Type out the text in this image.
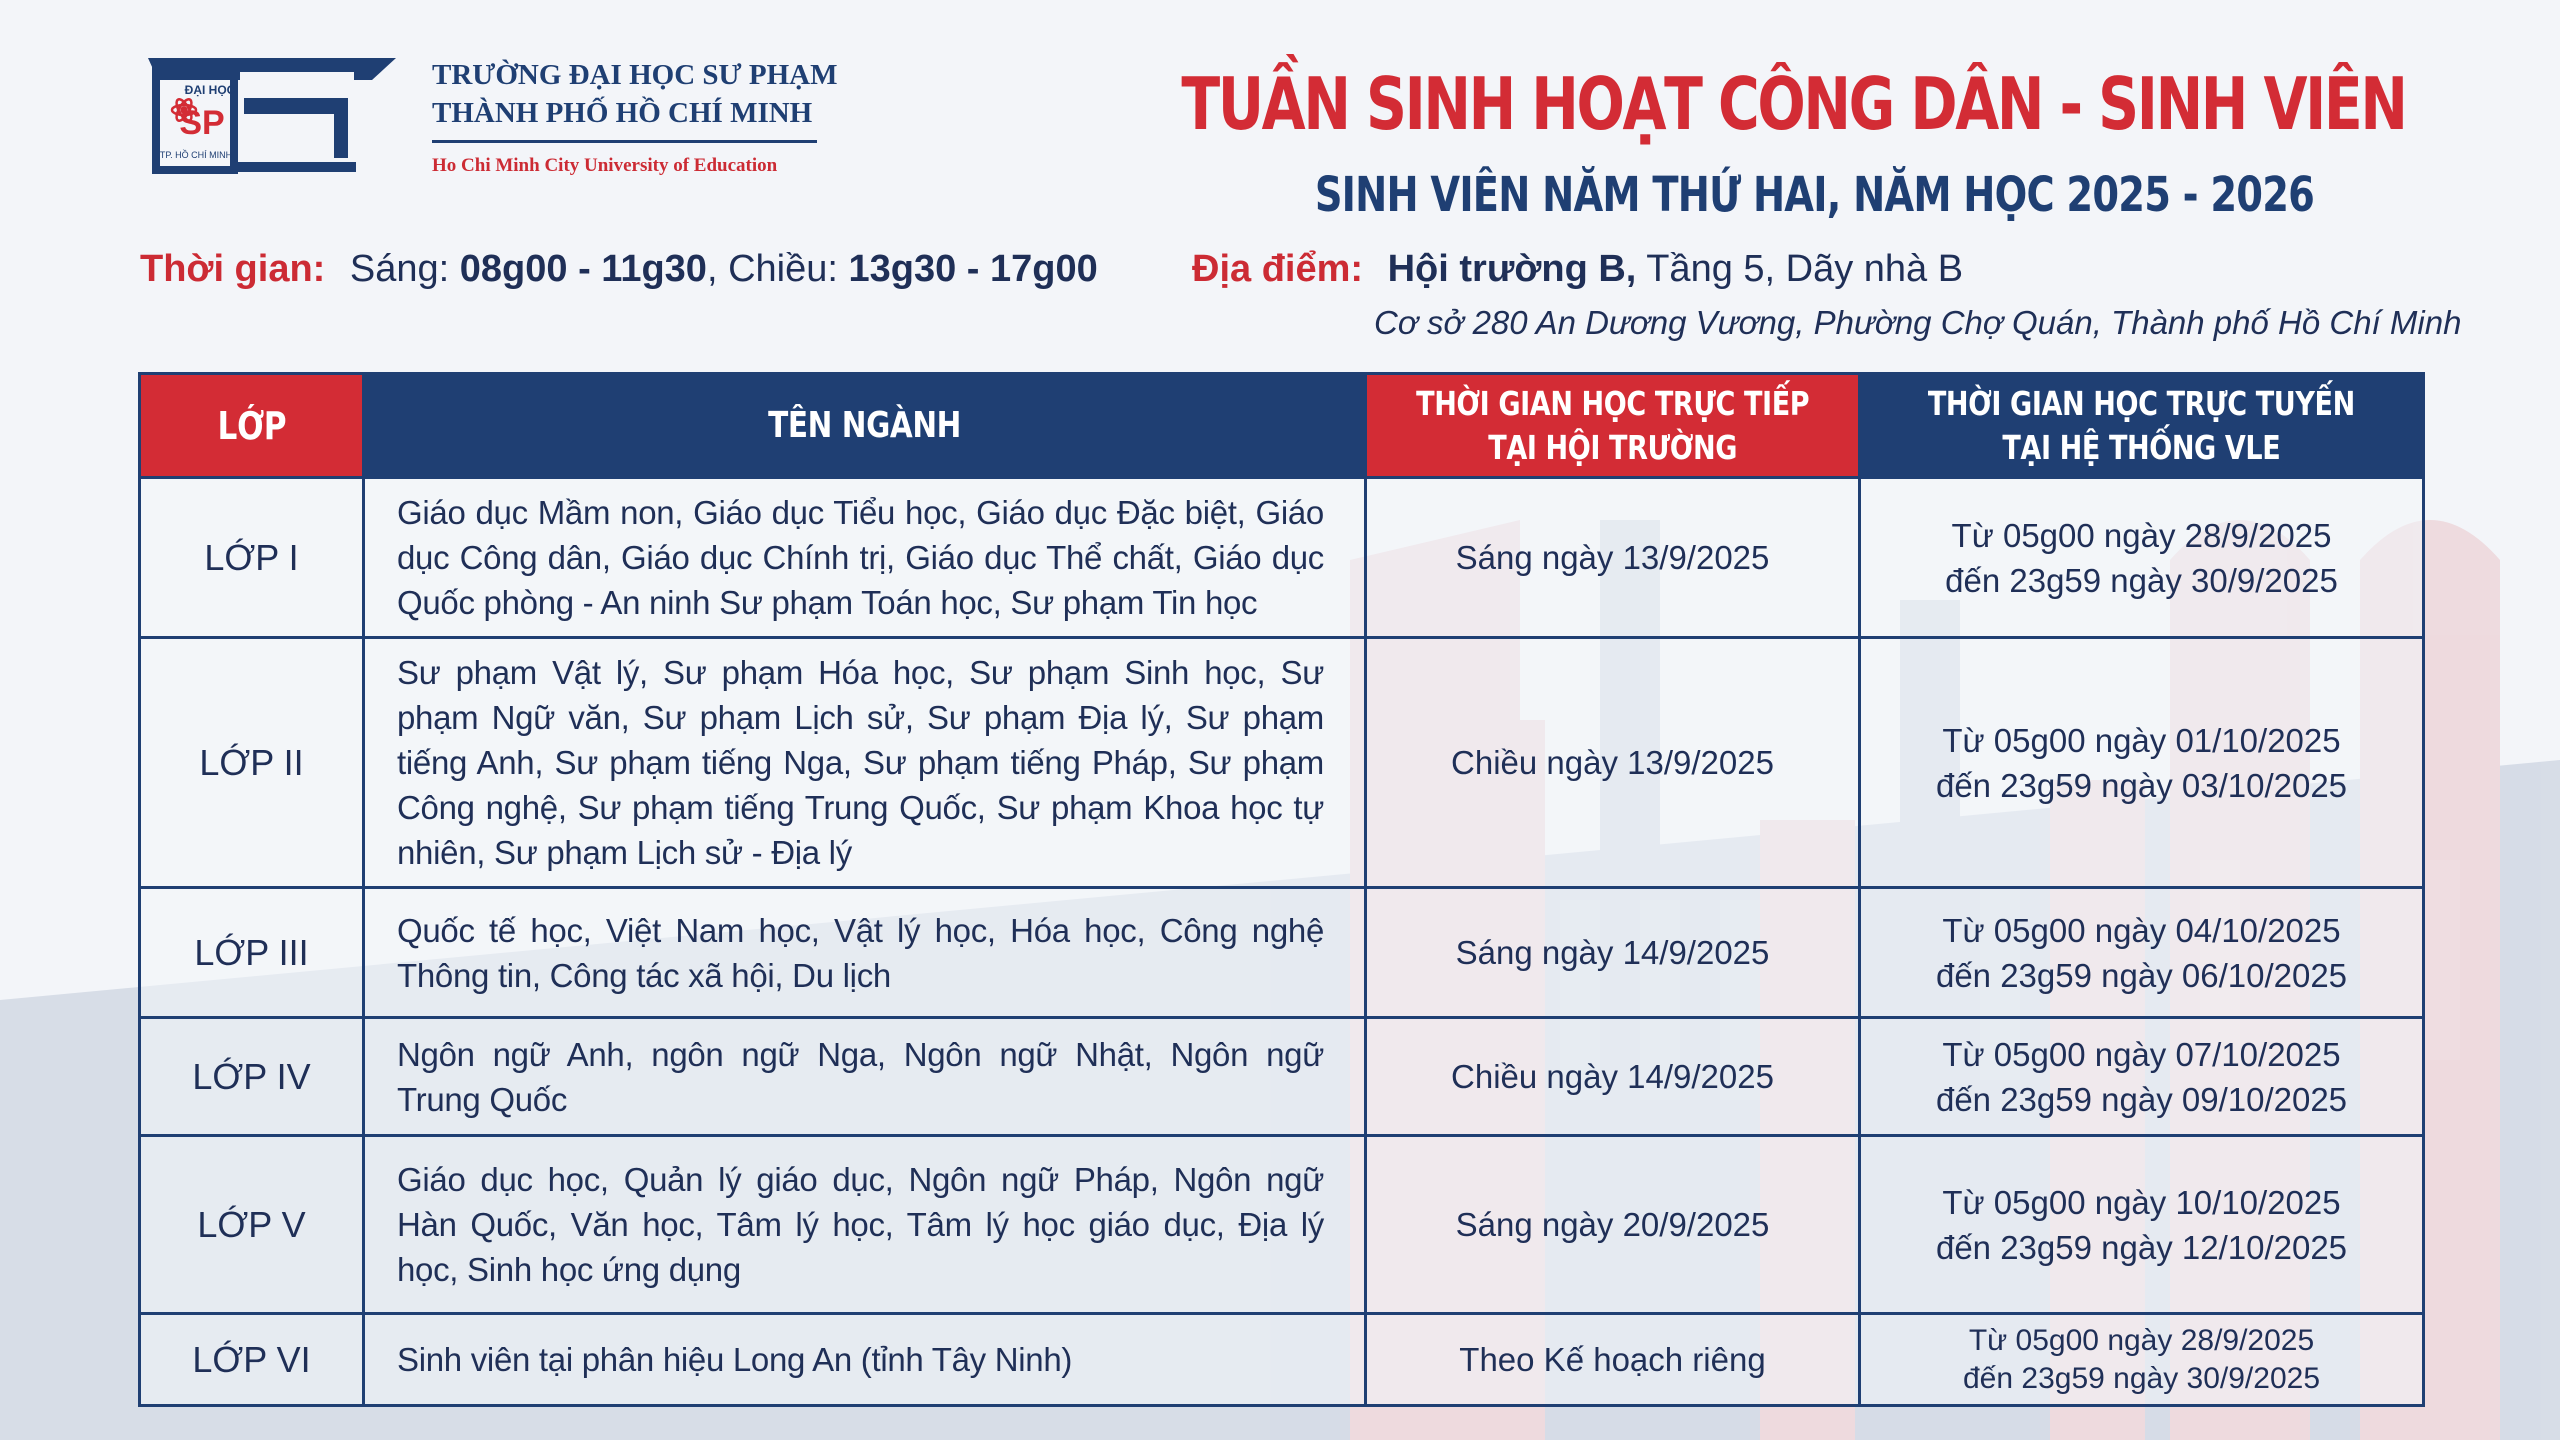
ĐẠI HỌC
SP
TP. HỒ CHÍ MINH
TRƯỜNG ĐẠI HỌC SƯ PHẠM
THÀNH PHỐ HỒ CHÍ MINH
Ho Chi Minh City University of Education
TUẦN SINH HOẠT CÔNG DÂN - SINH VIÊN
SINH VIÊN NĂM THỨ HAI, NĂM HỌC 2025 - 2026
Thời gian: Sáng: 08g00 - 11g30, Chiều: 13g30 - 17g00 Địa điểm: Hội trường B, Tầng 5, Dãy nhà B
Cơ sở 280 An Dương Vương, Phường Chợ Quán, Thành phố Hồ Chí Minh
LỚP	TÊN NGÀNH	THỜI GIAN HỌC TRỰC TIẾP
TẠI HỘI TRƯỜNG	THỜI GIAN HỌC TRỰC TUYẾN
TẠI HỆ THỐNG VLE

LỚP I	Giáo dục Mầm non, Giáo dục Tiểu học, Giáo dục Đặc biệt, Giáo dục Công dân, Giáo dục Chính trị, Giáo dục Thể chất, Giáo dục Quốc phòng - An ninh Sư phạm Toán học, Sư phạm Tin học	Sáng ngày 13/9/2025	Từ 05g00 ngày 28/9/2025
đến 23g59 ngày 30/9/2025

LỚP II	Sư phạm Vật lý, Sư phạm Hóa học, Sư phạm Sinh học, Sư phạm Ngữ văn, Sư phạm Lịch sử, Sư phạm Địa lý, Sư phạm tiếng Anh, Sư phạm tiếng Nga, Sư phạm tiếng Pháp, Sư phạm Công nghệ, Sư phạm tiếng Trung Quốc, Sư phạm Khoa học tự nhiên, Sư phạm Lịch sử - Địa lý	Chiều ngày 13/9/2025	Từ 05g00 ngày 01/10/2025
đến 23g59 ngày 03/10/2025

LỚP III	Quốc tế học, Việt Nam học, Vật lý học, Hóa học, Công nghệ Thông tin, Công tác xã hội, Du lịch	Sáng ngày 14/9/2025	Từ 05g00 ngày 04/10/2025
đến 23g59 ngày 06/10/2025

LỚP IV	Ngôn ngữ Anh, ngôn ngữ Nga, Ngôn ngữ Nhật, Ngôn ngữ Trung Quốc	Chiều ngày 14/9/2025	Từ 05g00 ngày 07/10/2025
đến 23g59 ngày 09/10/2025

LỚP V	Giáo dục học, Quản lý giáo dục, Ngôn ngữ Pháp, Ngôn ngữ Hàn Quốc, Văn học, Tâm lý học, Tâm lý học giáo dục, Địa lý học, Sinh học ứng dụng	Sáng ngày 20/9/2025	Từ 05g00 ngày 10/10/2025
đến 23g59 ngày 12/10/2025

LỚP VI	Sinh viên tại phân hiệu Long An (tỉnh Tây Ninh)	Theo Kế hoạch riêng	Từ 05g00 ngày 28/9/2025
đến 23g59 ngày 30/9/2025
